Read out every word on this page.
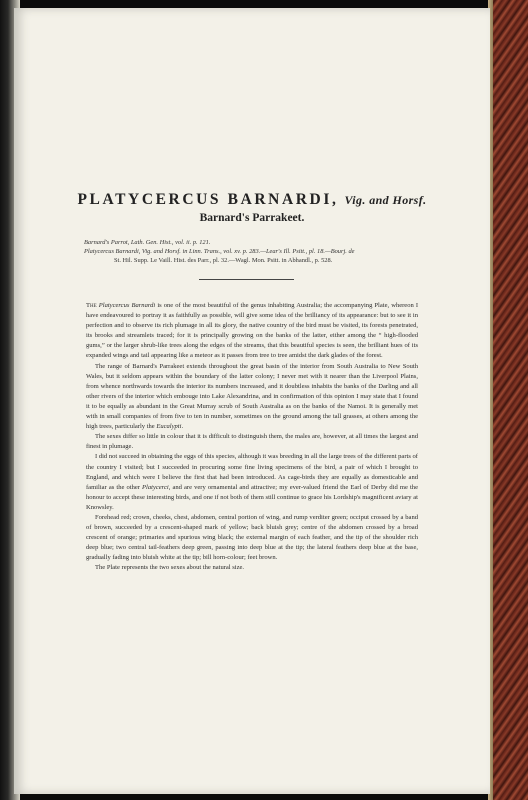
PLATYCERCUS BARNARDI, Vig. and Horsf.
Barnard's Parrakeet.
Barnard's Parrot, Lath. Gen. Hist., vol. ii. p. 121.
Platycercus Barnardi, Vig. and Horsf. in Linn. Trans., vol. xv. p. 283.—Lear's Ill. Psitt., pl. 18.—Bourj. de
St. Hil. Supp. Le Vaill. Hist. des Parr., pl. 32.—Wagl. Mon. Psitt. in Abhandl., p. 528.

The Platycercus Barnardi is one of the most beautiful of the genus inhabiting Australia; the accompanying Plate, whereon I have endeavoured to portray it as faithfully as possible, will give some idea of the brilliancy of its appearance: but to see it in perfection and to observe its rich plumage in all its glory, the native country of the bird must be visited, its forests penetrated, its brooks and streamlets traced; for it is principally growing on the banks of the latter, either among the “ high-flooded gums,” or the larger shrub-like trees along the edges of the streams, that this beautiful species is seen, the brilliant hues of its expanded wings and tail appearing like a meteor as it passes from tree to tree amidst the dark glades of the forest.

The range of Barnard's Parrakeet extends throughout the great basin of the interior from South Australia to New South Wales, but it seldom appears within the boundary of the latter colony; I never met with it nearer than the Liverpool Plains, from whence northwards towards the interior its numbers increased, and it doubtless inhabits the banks of the Darling and all other rivers of the interior which embouge into Lake Alexandrina, and in confirmation of this opinion I may state that I found it to be equally as abundant in the Great Murray scrub of South Australia as on the banks of the Namoi. It is generally met with in small companies of from five to ten in number, sometimes on the ground among the tall grasses, at others among the high trees, particularly the Eucalypti.

The sexes differ so little in colour that it is difficult to distinguish them, the males are, however, at all times the largest and finest in plumage.

I did not succeed in obtaining the eggs of this species, although it was breeding in all the large trees of the different parts of the country I visited; but I succeeded in procuring some fine living specimens of the bird, a pair of which I brought to England, and which were I believe the first that had been introduced. As cage-birds they are equally as domesticable and familiar as the other Platycerci, and are very ornamental and attractive; my ever-valued friend the Earl of Derby did me the honour to accept these interesting birds, and one if not both of them still continue to grace his Lordship's magnificent aviary at Knowsley.

Forehead red; crown, cheeks, chest, abdomen, central portion of wing, and rump verditer green; occiput crossed by a band of brown, succeeded by a crescent-shaped mark of yellow; back bluish grey; centre of the abdomen crossed by a broad crescent of orange; primaries and spurious wing black; the external margin of each feather, and the tip of the shoulder rich deep blue; two central tail-feathers deep green, passing into deep blue at the tip; the lateral feathers deep blue at the base, gradually fading into bluish white at the tip; bill horn-colour; feet brown.

The Plate represents the two sexes about the natural size.
